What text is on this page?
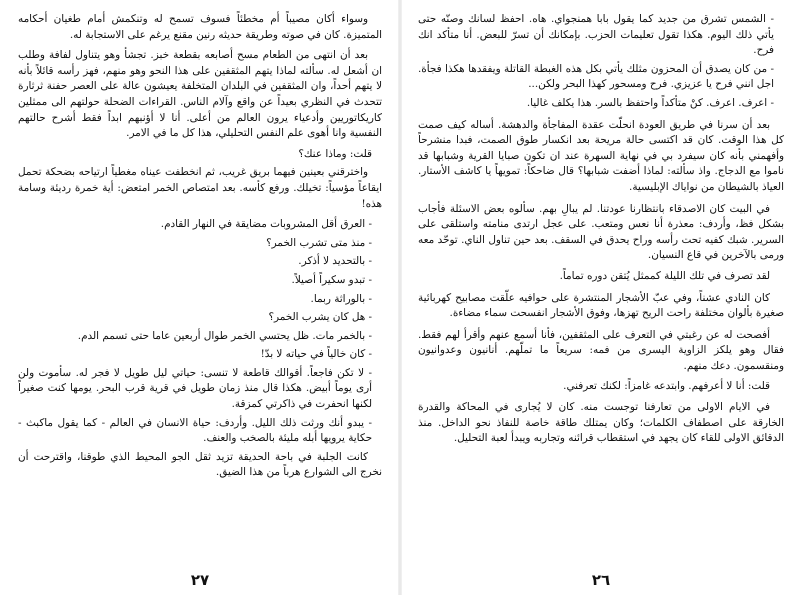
وسواء أكان مصيباً أم مخطئاً فسوف تسمح له وتنكمش أمام طغيان أحكامه المتميزة. كان في صوته وطريقة حديثه رنين مقنع يرغم على الاستجابة له.

بعد أن انتهى من الطعام مسح أصابعه بقطعة خبز. تجشأ وهو يتناول لفافة وطلب ان أشعل له. سألته لماذا يتهم المثقفين على هذا النحو وهو منهم، فهز رأسه قائلاً بأنه لا يتهم أحداً، وان المثقفين في البلدان المتخلفة يعيشون عالة على العصر حفنة ثرثارة تتحدث في النظري بعيداً عن واقع وآلام الناس. القراءات الضحلة حولتهم الى ممثلين كاريكاتوريين وأدعياء يرون العالم من أعلى. أنا لا أؤنبهم ابداً فقط أشرح حالتهم النفسية وانا أهوى علم النفس التحليلي، هذا كل ما في الامر.

قلت: وماذا عنك؟

واخترقني بعينين فيهما بريق غريب، ثم انخطفت عيناه مغطياً ارتياحه بضحكة تحمل ايقاعاً مؤسياً: تخيلك. ورفع كأسه. بعد امتصاص الخمر امتعض: أية خمرة رديئة وسامة هذه!

- العرق أقل المشروبات مضايقة في النهار القادم.

- منذ متى تشرب الخمر؟

- بالتحديد لا أذكر.

- تبدو سكيراً أصيلاً.

- بالوراثة ربما.

- هل كان يشرب الخمر؟

- بالخمر مات. ظل يحتسي الخمر طوال أربعين عاما حتى تسمم الدم.

- كان خالياً في حياته لا بدّ!

- لا تكن فاجعاً. أقوالك قاطعة لا تنسى: حياتي ليل طويل لا فجر له. سأموت ولن أرى يوماً أبيض. هكذا قال منذ زمان طويل في قرية قرب البحر. يومها كنت صغيراً لكنها انحفرت في ذاكرتي كمزقة.

- يبدو أنك ورثت ذلك الليل. وأردف: حياة الانسان في العالم - كما يقول ماكبث - حكاية يرويها أبله مليئة بالصخب والعنف.

كانت الجلبة في باحة الحديقة تزيد ثقل الجو المحيط الذي طوقنا، واقترحت أن نخرج الى الشوارع هرباً من هذا الضيق.

٢٧

- الشمس تشرق من جديد كما يقول بابا همنجواي. هاه. احفظ لسانك وصنّه حتى يأتي ذلك اليوم. هكذا تقول تعليمات الحزب. بإمكانك أن تسرّ للبعض. أنا متأكد انك فرح.

- من كان يصدق أن المحزون مثلك يأتي بكل هذه الغبطة القاتلة ويفقدها هكذا فجأة. اجل انني فرح يا عزيزي. فرح ومسحور كهذا البحر ولكن...

- اعرف. اعرف. كنْ متأكداً واحتفظ بالسر. هذا يكلف غاليا.

بعد أن سرنا في طريق العودة انحلّت عقدة المفاجأة والدهشة. أساله كيف صمت كل هذا الوقت. كان قد اكتسى حالة مريحة بعد انكسار طوق الصمت، فبدا منشرحاً وأفهمني بأنه كان سيفرد بي في نهاية السهرة عند ان تكون صبايا القرية وشبابها قد ناموا مع الدجاج. واذ سألته: لماذا أضفت شبابها؟ قال ضاحكاً: تمويهاً يا كاشف الأستار. العياذ بالشيطان من نواياك الإبليسية.

في البيت كان الاصدقاء بانتظارنا عودتنا. لم يبالِ بهم. سألوه بعض الاسئلة فأجاب بشكل فظ، وأردف: معذرة أنا نعس ومتعب. على عجل ارتدى منامته واستلقى على السرير. شبك كفيه تحت رأسه وراح يحدق في السقف. بعد حين تناول الناي. توحّد معه ورمى بالآخرين في قاع النسيان.

لقد تصرف في تلك الليلة كممثل يُتقن دوره تماماً.

كان النادي عشناً، وفي عبّ الأشجار المنتشرة على حوافيه علّقت مصابيح كهربائية صغيرة بألوان مختلفة راحت الريح تهزها، وفوق الأشجار انفسحت سماء مضاءة.

أفصحت له عن رغبتي في التعرف على المثقفين، فأنا أسمع عنهم وأقرأ لهم فقط. فقال وهو يلكز الزاوية اليسرى من فمه: سريعاً ما تملّهم. أنانيون وعدوانيون ومنقسمون. دعك منهم.

قلت: أنا لا أعرفهم. وابتدعه غامزاً: لكنك تعرفني.

في الايام الاولى من تعارفنا توجست منه. كان لا يُجارى في المحاكة والقدرة الخارقة على اصطفاف الكلمات؛ وكان يمتلك طاقة خاصة للنفاذ نحو الداخل. منذ الدقائق الاولى للقاء كان يجهد في استقطاب قرائنه وتجاربه ويبدأ لعبة التحليل.

٢٦
